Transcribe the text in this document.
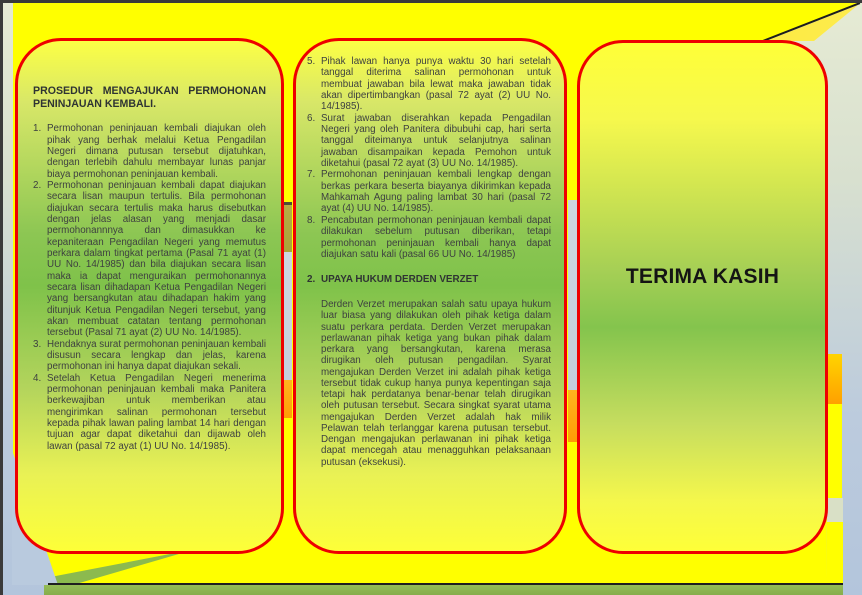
PROSEDUR MENGAJUKAN PERMOHONAN PENINJAUAN KEMBALI.
1. Permohonan peninjauan kembali diajukan oleh pihak yang berhak melalui Ketua Pengadilan Negeri dimana putusan tersebut dijatuhkan, dengan terlebih dahulu membayar lunas panjar biaya permohonan peninjauan kembali.
2. Permohonan peninjauan kembali dapat diajukan secara lisan maupun tertulis. Bila permohonan diajukan secara tertulis maka harus disebutkan dengan jelas alasan yang menjadi dasar permohonannnya dan dimasukkan ke kepaniteraan Pengadilan Negeri yang memutus perkara dalam tingkat pertama (Pasal 71 ayat (1) UU No. 14/1985) dan bila diajukan secara lisan maka ia dapat menguraikan permohonannya secara lisan dihadapan Ketua Pengadilan Negeri yang bersangkutan atau dihadapan hakim yang ditunjuk Ketua Pengadilan Negeri tersebut, yang akan membuat catatan tentang permohonan tersebut (Pasal 71 ayat (2) UU No. 14/1985).
3. Hendaknya surat permohonan peninjauan kembali disusun secara lengkap dan jelas, karena permohonan ini hanya dapat diajukan sekali.
4. Setelah Ketua Pengadilan Negeri menerima permohonan peninjauan kembali maka Panitera berkewajiban untuk memberikan atau mengirimkan salinan permohonan tersebut kepada pihak lawan paling lambat 14 hari dengan tujuan agar dapat diketahui dan dijawab oleh lawan (pasal 72 ayat (1) UU No. 14/1985).
5. Pihak lawan hanya punya waktu 30 hari setelah tanggal diterima salinan permohonan untuk membuat jawaban bila lewat maka jawaban tidak akan dipertimbangkan (pasal 72 ayat (2) UU No. 14/1985).
6. Surat jawaban diserahkan kepada Pengadilan Negeri yang oleh Panitera dibubuhi cap, hari serta tanggal diteimanya untuk selanjutnya salinan jawaban disampaikan kepada Pemohon untuk diketahui (pasal 72 ayat (3) UU No. 14/1985).
7. Permohonan peninjauan kembali lengkap dengan berkas perkara beserta biayanya dikirimkan kepada Mahkamah Agung paling lambat 30 hari (pasal 72 ayat (4) UU No. 14/1985).
8. Pencabutan permohonan peninjauan kembali dapat dilakukan sebelum putusan diberikan, tetapi permohonan peninjauan kembali hanya dapat diajukan satu kali (pasal 66 UU No. 14/1985)
2. UPAYA HUKUM DERDEN VERZET
Derden Verzet merupakan salah satu upaya hukum luar biasa yang dilakukan oleh pihak ketiga dalam suatu perkara perdata. Derden Verzet merupakan perlawanan pihak ketiga yang bukan pihak dalam perkara yang bersangkutan, karena merasa dirugikan oleh putusan pengadilan. Syarat mengajukan Derden Verzet ini adalah pihak ketiga tersebut tidak cukup hanya punya kepentingan saja tetapi hak perdatanya benar-benar telah dirugikan oleh putusan tersebut. Secara singkat syarat utama mengajukan Derden Verzet adalah hak milik Pelawan telah terlanggar karena putusan tersebut. Dengan mengajukan perlawanan ini pihak ketiga dapat mencegah atau menagguhkan pelaksanaan putusan (eksekusi).
TERIMA KASIH
